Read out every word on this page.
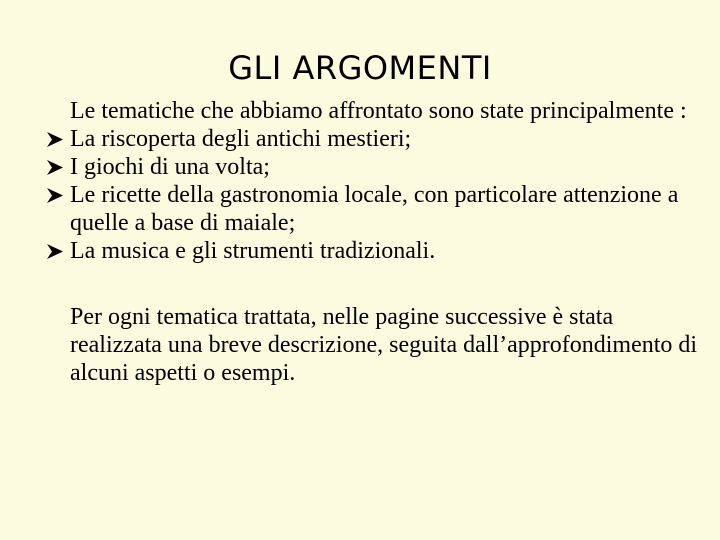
GLI ARGOMENTI

Le tematiche che abbiamo affrontato sono state principalmente :

La riscoperta degli antichi mestieri;
I giochi di una volta;
Le ricette della gastronomia locale, con particolare attenzione a quelle a base di maiale;
La musica e gli strumenti tradizionali.

Per ogni tematica trattata, nelle pagine successive è stata realizzata una breve descrizione, seguita dall’approfondimento di alcuni aspetti o esempi.
